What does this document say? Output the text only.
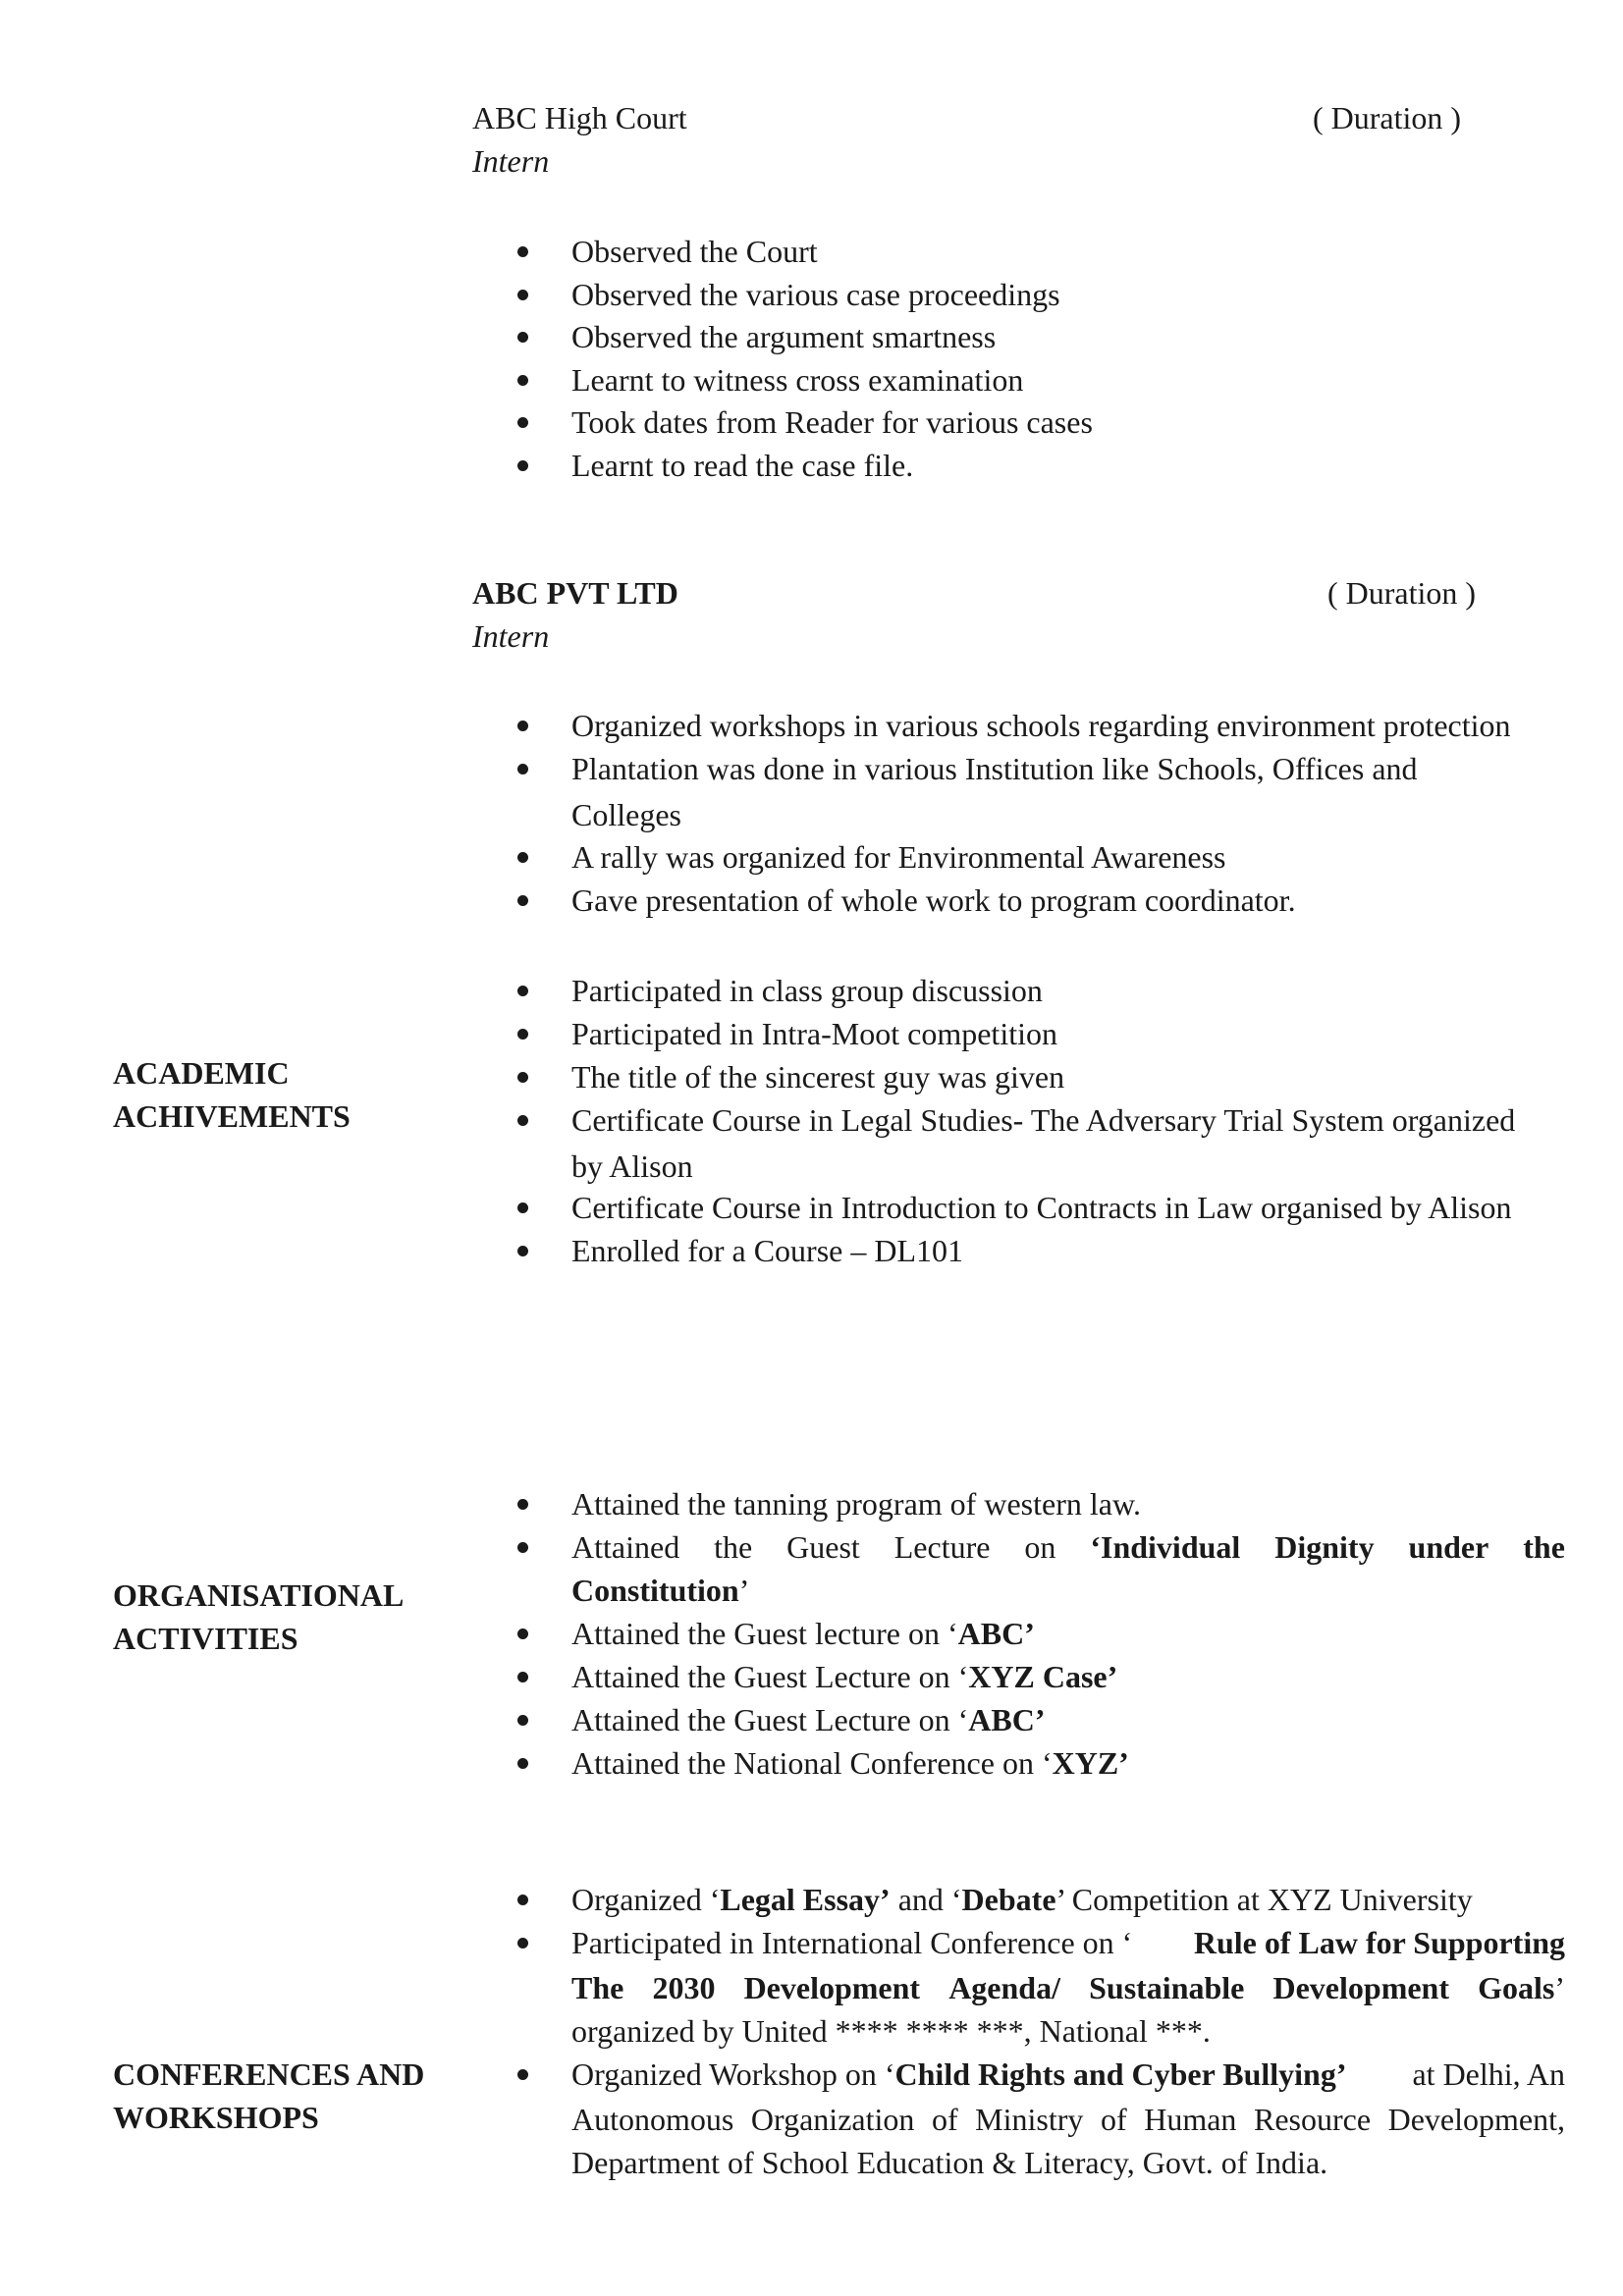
ABC High Court	( Duration )
Intern
Observed the Court
Observed the various case proceedings
Observed the argument smartness
Learnt to witness cross examination
Took dates from Reader for various cases
Learnt to read the case file.
ABC PVT LTD	( Duration )
Intern
Organized workshops in various schools regarding environment protection
Plantation was done in various Institution like Schools, Offices and
Colleges
A rally was organized for Environmental Awareness
Gave presentation of whole work to program coordinator.
ACADEMIC
ACHIVEMENTS
Participated in class group discussion
Participated in Intra-Moot competition
The title of the sincerest guy was given
Certificate Course in Legal Studies- The Adversary Trial System organized
by Alison
Certificate Course in Introduction to Contracts in Law organised by Alison
Enrolled for a Course – DL101
ORGANISATIONAL
ACTIVITIES
Attained the tanning program of western law.
Attained the Guest Lecture on ‘Individual Dignity under the
Constitution’
Attained the Guest lecture on ‘ABC’
Attained the Guest Lecture on ‘XYZ Case’
Attained the Guest Lecture on ‘ABC’
Attained the National Conference on ‘XYZ’
CONFERENCES AND
WORKSHOPS
Organized ‘Legal Essay’ and ‘Debate’ Competition at XYZ University
Participated in International Conference on ‘ Rule of Law for Supporting
The 2030 Development Agenda/ Sustainable Development Goals’
organized by United **** **** ***, National ***.
Organized Workshop on ‘ Child Rights and Cyber Bullying’	at Delhi, An
Autonomous Organization of Ministry of Human Resource Development,
Department of School Education & Literacy, Govt. of India.
